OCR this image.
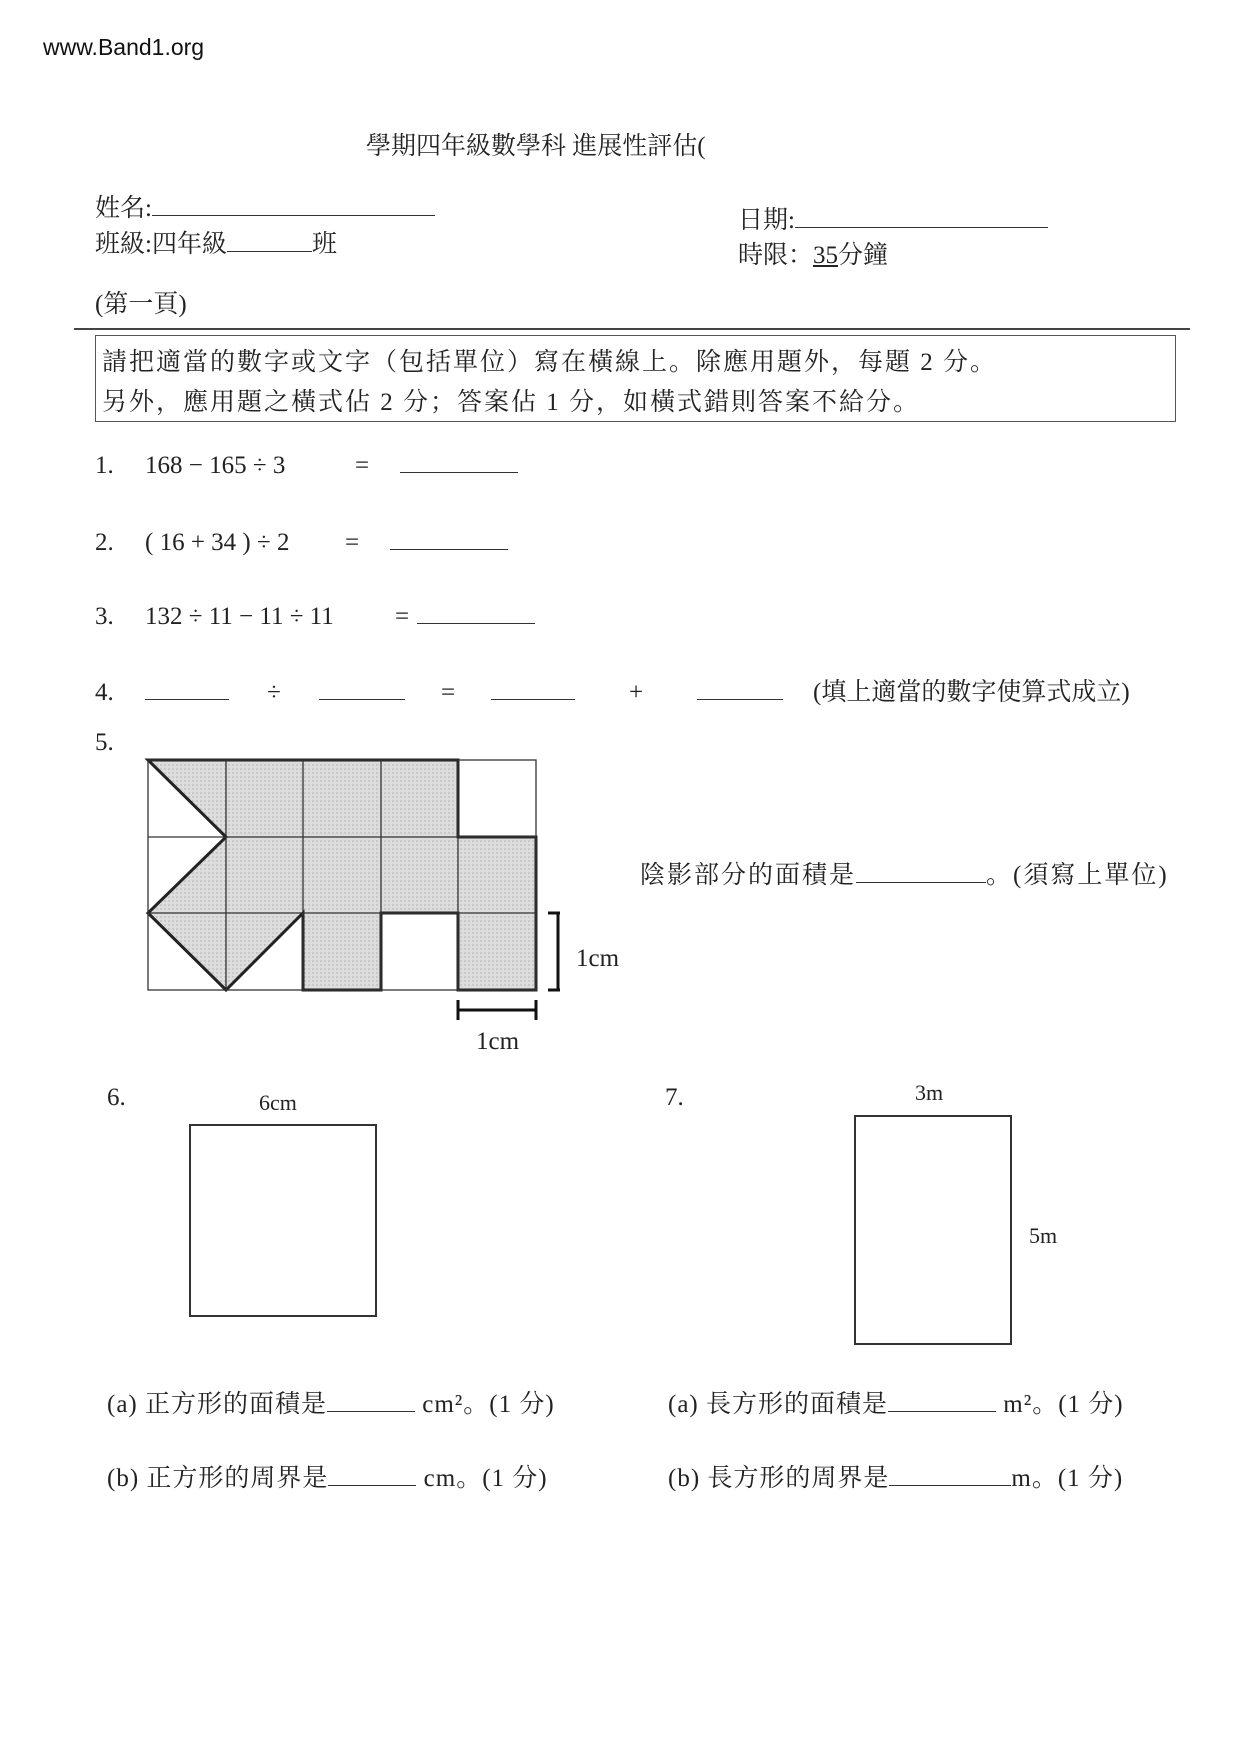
www.Band1.org
學期四年級數學科 進展性評估(
姓名:
班級:四年級	班
日期:
時限：35分鐘
(第一頁)
請把適當的數字或文字（包括單位）寫在橫線上。除應用題外，每題 2 分。
另外，應用題之橫式佔 2 分；答案佔 1 分，如橫式錯則答案不給分。
1. 168 − 165 ÷ 3	=
2. ( 16 + 34 ) ÷ 2 =
3. 132 ÷ 11 − 11 ÷ 11 =
4.	÷	=	+	(填上適當的數字使算式成立)
5.
1cm
1cm
陰影部分的面積是	。(須寫上單位)
6.	6cm	7.	3m
5m
(a) 正方形的面積是	cm²。(1 分)
(b) 正方形的周界是	cm。(1 分)
(a) 長方形的面積是	m²。(1 分)
(b) 長方形的周界是	m。(1 分)
